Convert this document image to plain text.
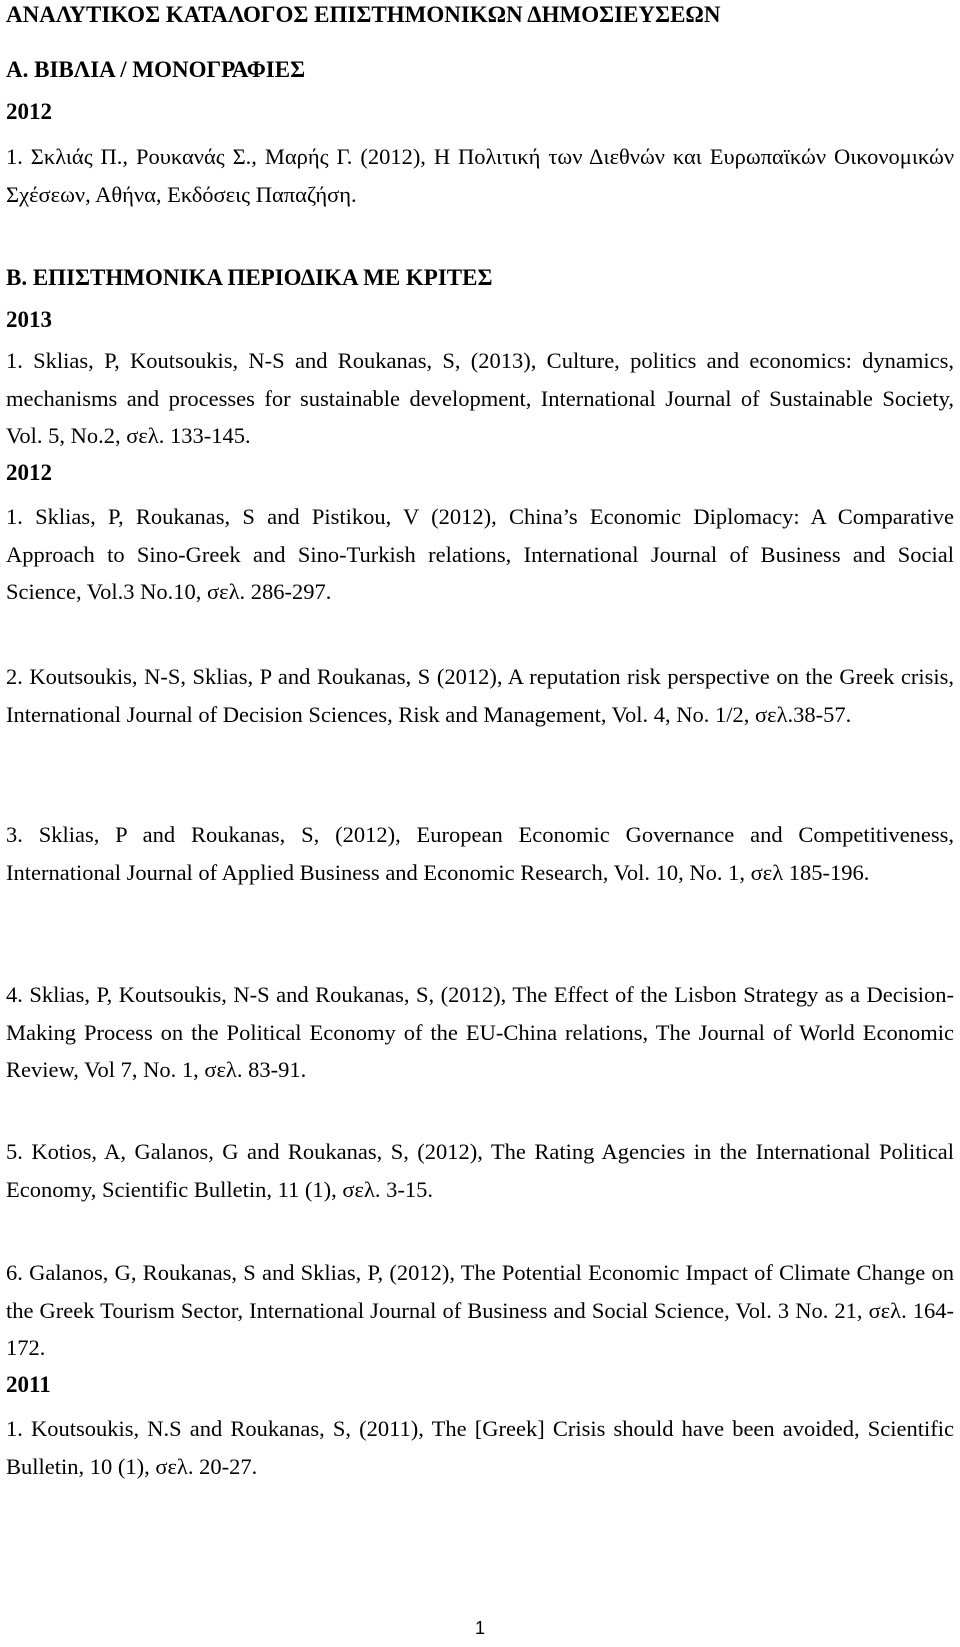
ΑΝΑΛΥΤΙΚΟΣ ΚΑΤΑΛΟΓΟΣ ΕΠΙΣΤΗΜΟΝΙΚΩΝ ΔΗΜΟΣΙΕΥΣΕΩΝ
Α. ΒΙΒΛΙΑ / ΜΟΝΟΓΡΑΦΙΕΣ
2012
1. Σκλιάς Π., Ρουκανάς Σ., Μαρής Γ. (2012), Η Πολιτική των Διεθνών και Ευρωπαϊκών Οικονομικών Σχέσεων, Αθήνα, Εκδόσεις Παπαζήση.
Β. ΕΠΙΣΤΗΜΟΝΙΚΑ ΠΕΡΙΟΔΙΚΑ ΜΕ ΚΡΙΤΕΣ
2013
1. Sklias, P, Koutsoukis, N-S and Roukanas, S, (2013), Culture, politics and economics: dynamics, mechanisms and processes for sustainable development, International Journal of Sustainable Society, Vol. 5, No.2, σελ. 133-145.
2012
1. Sklias, P, Roukanas, S and Pistikou, V (2012), China’s Economic Diplomacy: A Comparative Approach to Sino-Greek and Sino-Turkish relations, International Journal of Business and Social Science, Vol.3 No.10, σελ. 286-297.
2. Koutsoukis, N-S, Sklias, P and Roukanas, S (2012), A reputation risk perspective on the Greek crisis, International Journal of Decision Sciences, Risk and Management, Vol. 4, No. 1/2, σελ.38-57.
3. Sklias, P and Roukanas, S, (2012), European Economic Governance and Competitiveness, International Journal of Applied Business and Economic Research, Vol. 10, No. 1, σελ 185-196.
4. Sklias, P, Koutsoukis, N-S and Roukanas, S, (2012), The Effect of the Lisbon Strategy as a Decision-Making Process on the Political Economy of the EU-China relations, The Journal of World Economic Review, Vol 7, No. 1, σελ. 83-91.
5. Kotios, A, Galanos, G and Roukanas, S, (2012), The Rating Agencies in the International Political Economy, Scientific Bulletin, 11 (1), σελ. 3-15.
6. Galanos, G, Roukanas, S and Sklias, P, (2012), The Potential Economic Impact of Climate Change on the Greek Tourism Sector, International Journal of Business and Social Science, Vol. 3 No. 21, σελ. 164-172.
2011
1. Koutsoukis, N.S and Roukanas, S, (2011), The [Greek] Crisis should have been avoided, Scientific Bulletin, 10 (1), σελ. 20-27.
1
